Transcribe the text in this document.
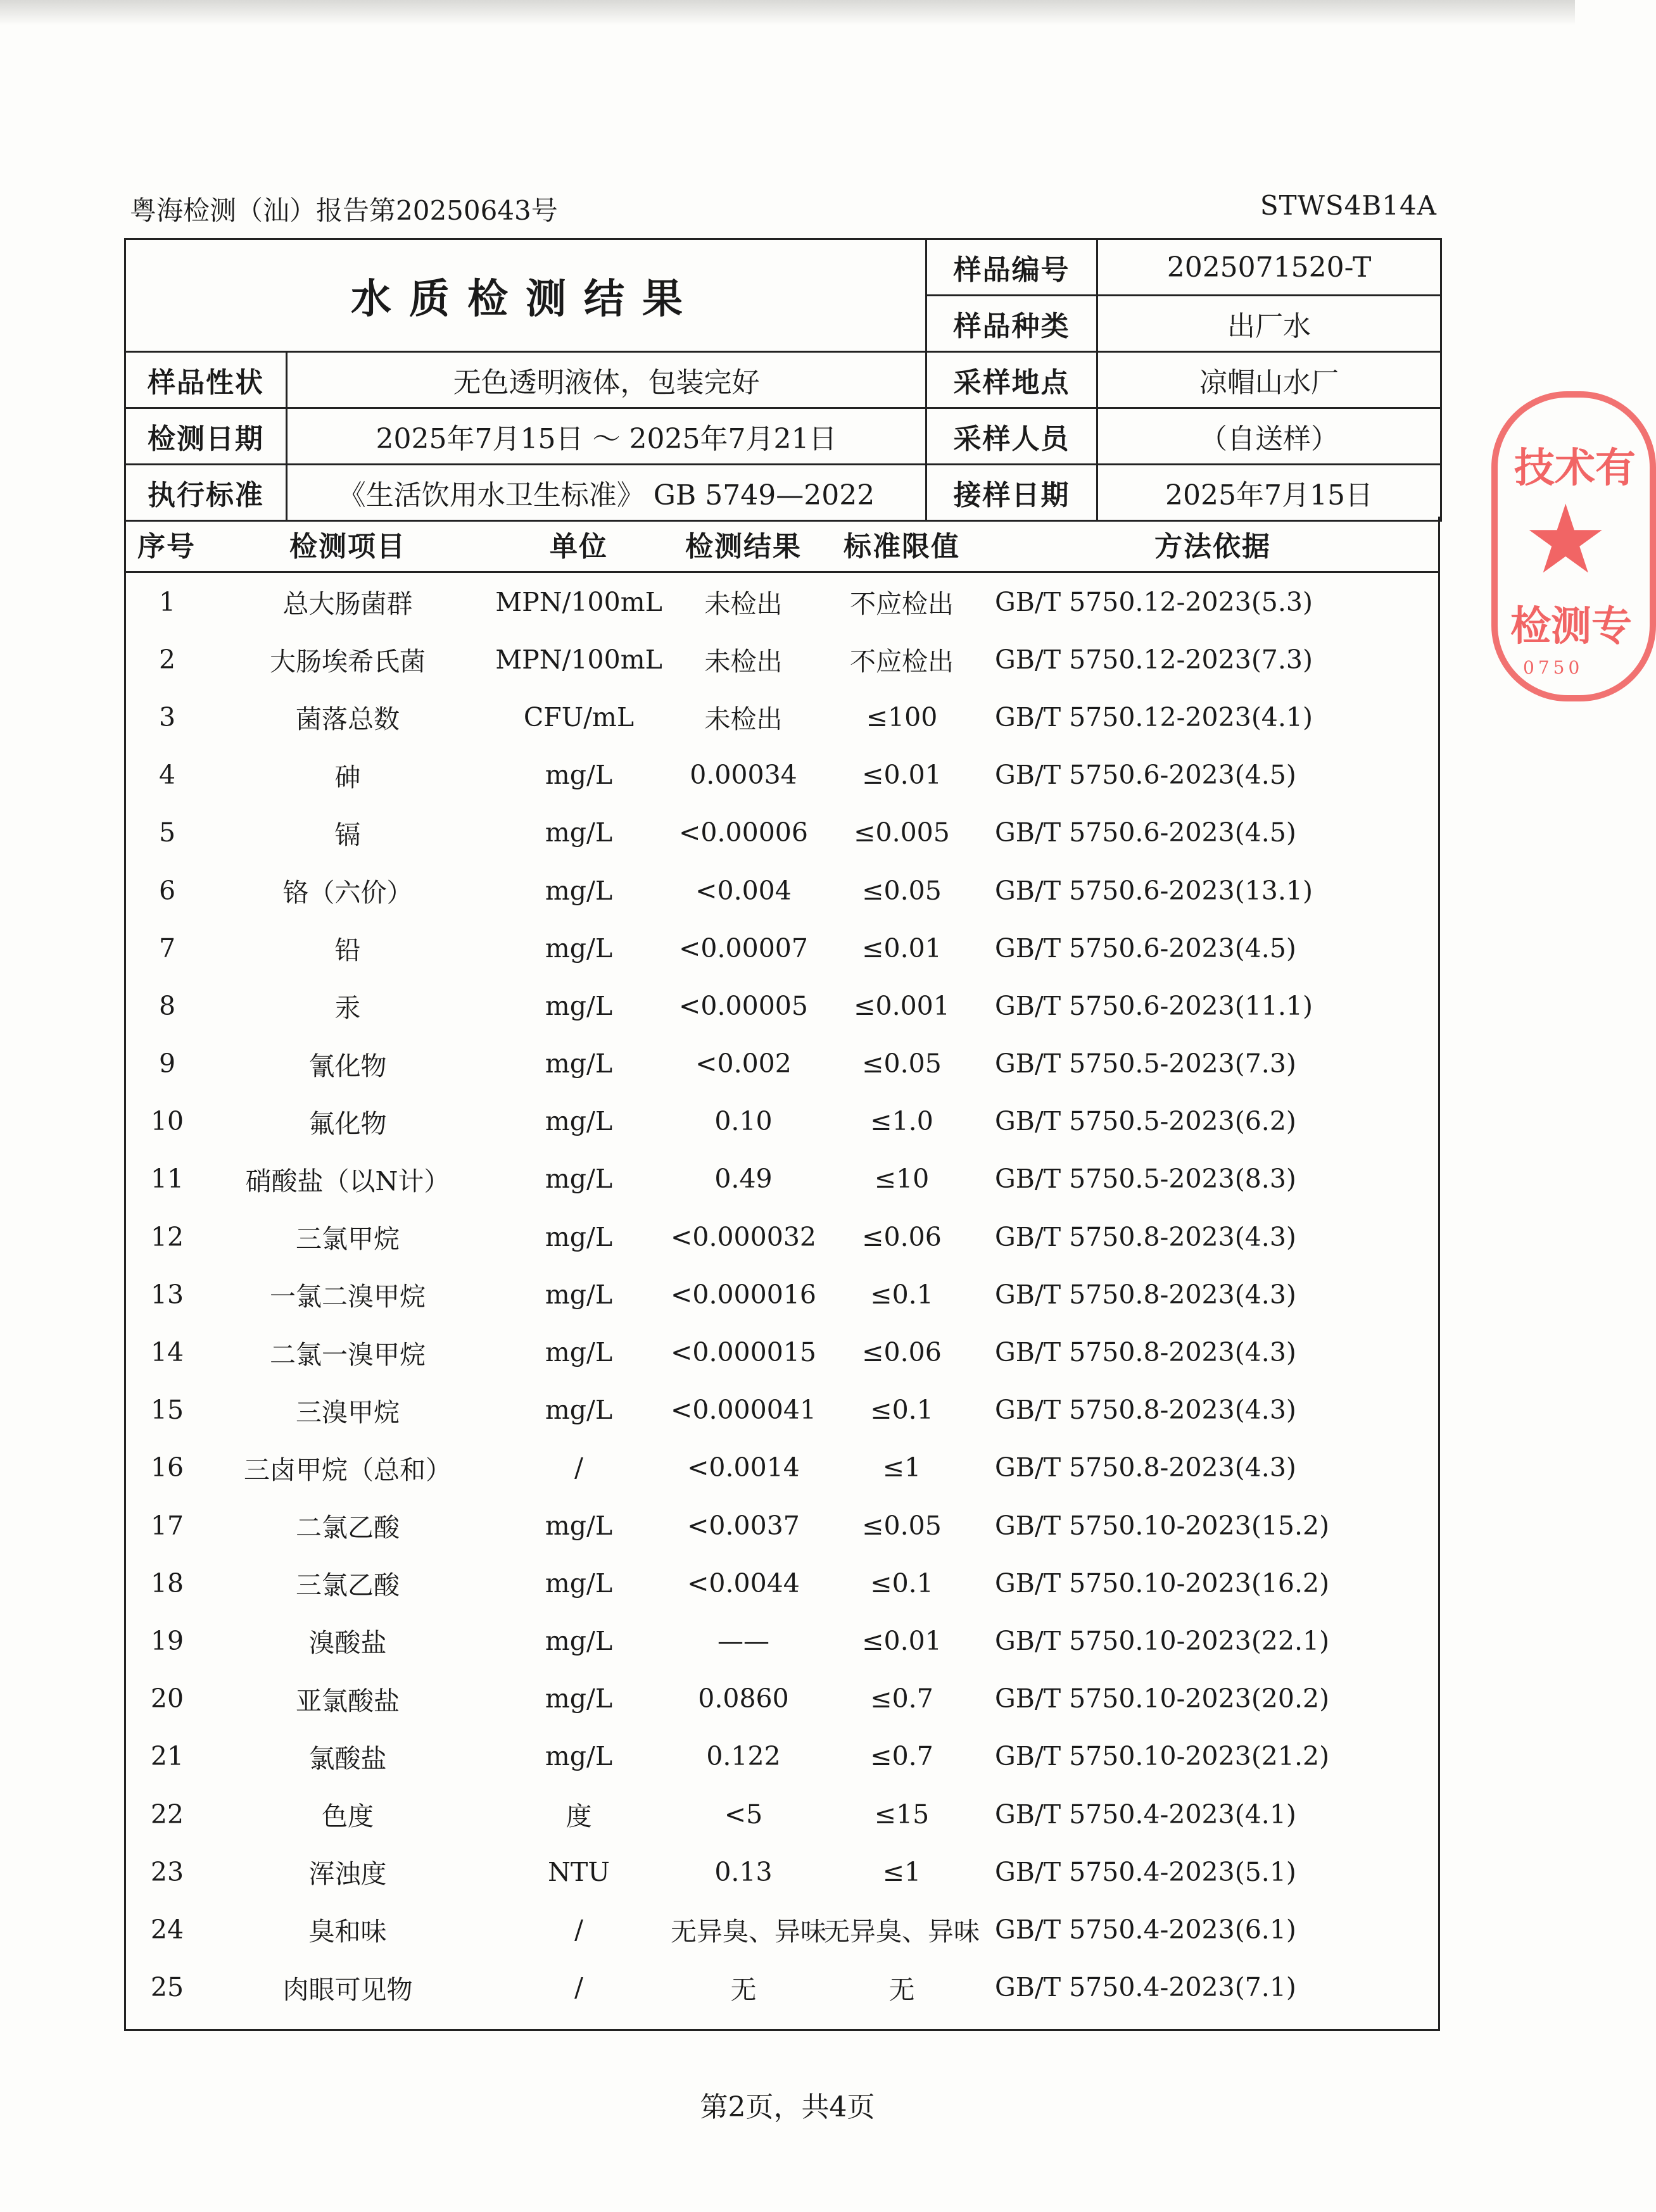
粤海检测（汕）报告第20250643号	STWS4B14A
水质检测结果		样品编号	2025071520-T
		样品种类	出厂水
样品性状	无色透明液体，包装完好	采样地点	凉帽山水厂
检测日期	2025年7月15日 ～ 2025年7月21日	采样人员	（自送样）
执行标准	《生活饮用水卫生标准》 GB 5749—2022	接样日期	2025年7月15日
序号	检测项目	单位	检测结果	标准限值	方法依据
1	总大肠菌群	MPN/100mL	未检出	不应检出	GB/T 5750.12-2023(5.3)
2	大肠埃希氏菌	MPN/100mL	未检出	不应检出	GB/T 5750.12-2023(7.3)
3	菌落总数	CFU/mL	未检出	≤100	GB/T 5750.12-2023(4.1)
4	砷	mg/L	0.00034	≤0.01	GB/T 5750.6-2023(4.5)
5	镉	mg/L	<0.00006	≤0.005	GB/T 5750.6-2023(4.5)
6	铬（六价）	mg/L	<0.004	≤0.05	GB/T 5750.6-2023(13.1)
7	铅	mg/L	<0.00007	≤0.01	GB/T 5750.6-2023(4.5)
8	汞	mg/L	<0.00005	≤0.001	GB/T 5750.6-2023(11.1)
9	氰化物	mg/L	<0.002	≤0.05	GB/T 5750.5-2023(7.3)
10	氟化物	mg/L	0.10	≤1.0	GB/T 5750.5-2023(6.2)
11	硝酸盐（以N计）	mg/L	0.49	≤10	GB/T 5750.5-2023(8.3)
12	三氯甲烷	mg/L	<0.000032	≤0.06	GB/T 5750.8-2023(4.3)
13	一氯二溴甲烷	mg/L	<0.000016	≤0.1	GB/T 5750.8-2023(4.3)
14	二氯一溴甲烷	mg/L	<0.000015	≤0.06	GB/T 5750.8-2023(4.3)
15	三溴甲烷	mg/L	<0.000041	≤0.1	GB/T 5750.8-2023(4.3)
16	三卤甲烷（总和）	/	<0.0014	≤1	GB/T 5750.8-2023(4.3)
17	二氯乙酸	mg/L	<0.0037	≤0.05	GB/T 5750.10-2023(15.2)
18	三氯乙酸	mg/L	<0.0044	≤0.1	GB/T 5750.10-2023(16.2)
19	溴酸盐	mg/L	——	≤0.01	GB/T 5750.10-2023(22.1)
20	亚氯酸盐	mg/L	0.0860	≤0.7	GB/T 5750.10-2023(20.2)
21	氯酸盐	mg/L	0.122	≤0.7	GB/T 5750.10-2023(21.2)
22	色度	度	<5	≤15	GB/T 5750.4-2023(4.1)
23	浑浊度	NTU	0.13	≤1	GB/T 5750.4-2023(5.1)
24	臭和味	/	无异臭、异味	无异臭、异味	GB/T 5750.4-2023(6.1)
25	肉眼可见物	/	无	无	GB/T 5750.4-2023(7.1)
第2页，共4页
技术有
★
检测专
0750
